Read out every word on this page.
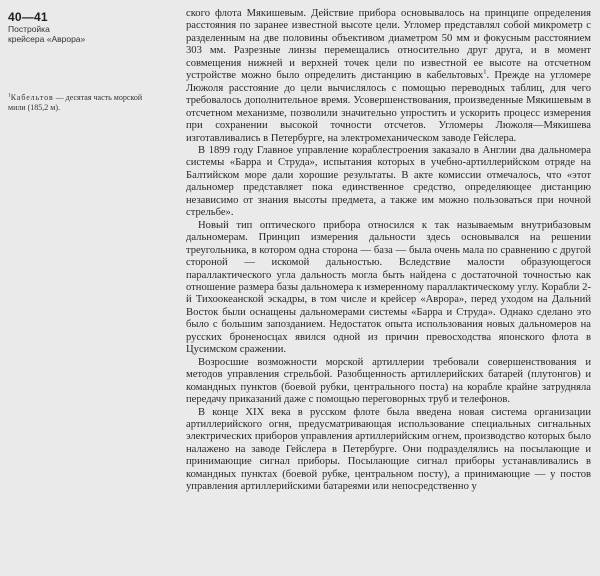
40—41
Постройка
крейсера «Аврора»

$^1$Кабельтов — десятая часть морской мили (185,2 м).

ского флота Мякишевым. Действие прибора основывалось на принципе определения расстояния по заранее известной высоте цели. Угломер представлял собой микрометр с разделенным на две половины объективом диаметром 50 мм и фокусным расстоянием 303 мм. Разрезные линзы перемещались относительно друг друга, и в момент совмещения нижней и верхней точек цели по известной ее высоте на отсчетном устройстве можно было определить дистанцию в кабельтовых$^1$. Прежде на угломере Люжоля расстояние до цели вычислялось с помощью переводных таблиц, для чего требовалось дополнительное время. Усовершенствования, произведенные Мякишевым в отсчетном механизме, позволили значительно упростить и ускорить процесс измерения при сохранении высокой точности отсчетов. Угломеры Люжоля—Мякишева изготавливались в Петербурге, на электромеханическом заводе Гейслера.

В 1899 году Главное управление кораблестроения заказало в Англии два дальномера системы «Барра и Струда», испытания которых в учебно-артиллерийском отряде на Балтийском море дали хорошие результаты. В акте комиссии отмечалось, что «этот дальномер представляет пока единственное средство, определяющее дистанцию независимо от знания высоты предмета, а также им можно пользоваться при ночной стрельбе».

Новый тип оптического прибора относился к так называемым внутрибазовым дальномерам. Принцип измерения дальности здесь основывался на решении треугольника, в котором одна сторона — база — была очень мала по сравнению с другой стороной — искомой дальностью. Вследствие малости образующегося параллактического угла дальность могла быть найдена с достаточной точностью как отношение размера базы дальномера к измеренному параллактическому углу. Корабли 2-й Тихоокеанской эскадры, в том числе и крейсер «Аврора», перед уходом на Дальний Восток были оснащены дальномерами системы «Барра и Струда». Однако сделано это было с большим запозданием. Недостаток опыта использования новых дальномеров на русских броненосцах явился одной из причин превосходства японского флота в Цусимском сражении.

Возросшие возможности морской артиллерии требовали совершенствования и методов управления стрельбой. Разобщенность артиллерийских батарей (плутонгов) и командных пунктов (боевой рубки, центрального поста) на корабле крайне затрудняла передачу приказаний даже с помощью переговорных труб и телефонов.

В конце XIX века в русском флоте была введена новая система организации артиллерийского огня, предусматривающая использование специальных сигнальных электрических приборов управления артиллерийским огнем, производство которых было налажено на заводе Гейслера в Петербурге. Они подразделялись на посылающие и принимающие сигнал приборы. Посылающие сигнал приборы устанавливались в командных пунктах (боевой рубке, центральном посту), а принимающие — у постов управления артиллерийскими батареями или непосредственно у
